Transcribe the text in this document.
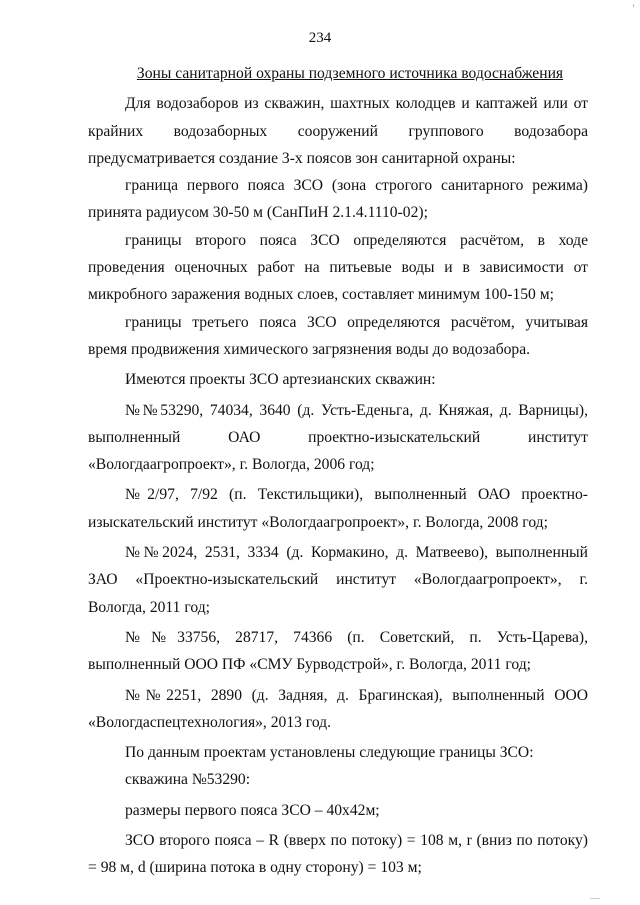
234

Зоны санитарной охраны подземного источника водоснабжения

Для водозаборов из скважин, шахтных колодцев и каптажей или от крайних водозаборных сооружений группового водозабора предусматривается создание 3-х поясов зон санитарной охраны:

граница первого пояса ЗСО (зона строгого санитарного режима) принята радиусом 30-50 м (СанПиН 2.1.4.1110-02);

границы второго пояса ЗСО определяются расчётом, в ходе проведения оценочных работ на питьевые воды и в зависимости от микробного заражения водных слоев, составляет минимум 100-150 м;

границы третьего пояса ЗСО определяются расчётом, учитывая время продвижения химического загрязнения воды до водозабора.

Имеются проекты ЗСО артезианских скважин:

№№53290, 74034, 3640 (д. Усть-Еденьга, д. Княжая, д. Варницы), выполненный ОАО проектно-изыскательский институт «Вологдаагропроект», г. Вологда, 2006 год;

№2/97, 7/92 (п. Текстильщики), выполненный ОАО проектно-изыскательский институт «Вологдаагропроект», г. Вологда, 2008 год;

№№2024, 2531, 3334 (д. Кормакино, д. Матвеево), выполненный ЗАО «Проектно-изыскательский институт «Вологдаагропроект», г. Вологда, 2011 год;

№№33756, 28717, 74366 (п. Советский, п. Усть-Царева), выполненный ООО ПФ «СМУ Бурводстрой», г. Вологда, 2011 год;

№№2251, 2890 (д. Задняя, д. Брагинская), выполненный ООО «Вологдаспецтехнология», 2013 год.

По данным проектам установлены следующие границы ЗСО:

скважина №53290:

размеры первого пояса ЗСО – 40х42м;

ЗСО второго пояса – R (вверх по потоку) = 108 м, r (вниз по потоку) = 98 м, d (ширина потока в одну сторону) = 103 м;
